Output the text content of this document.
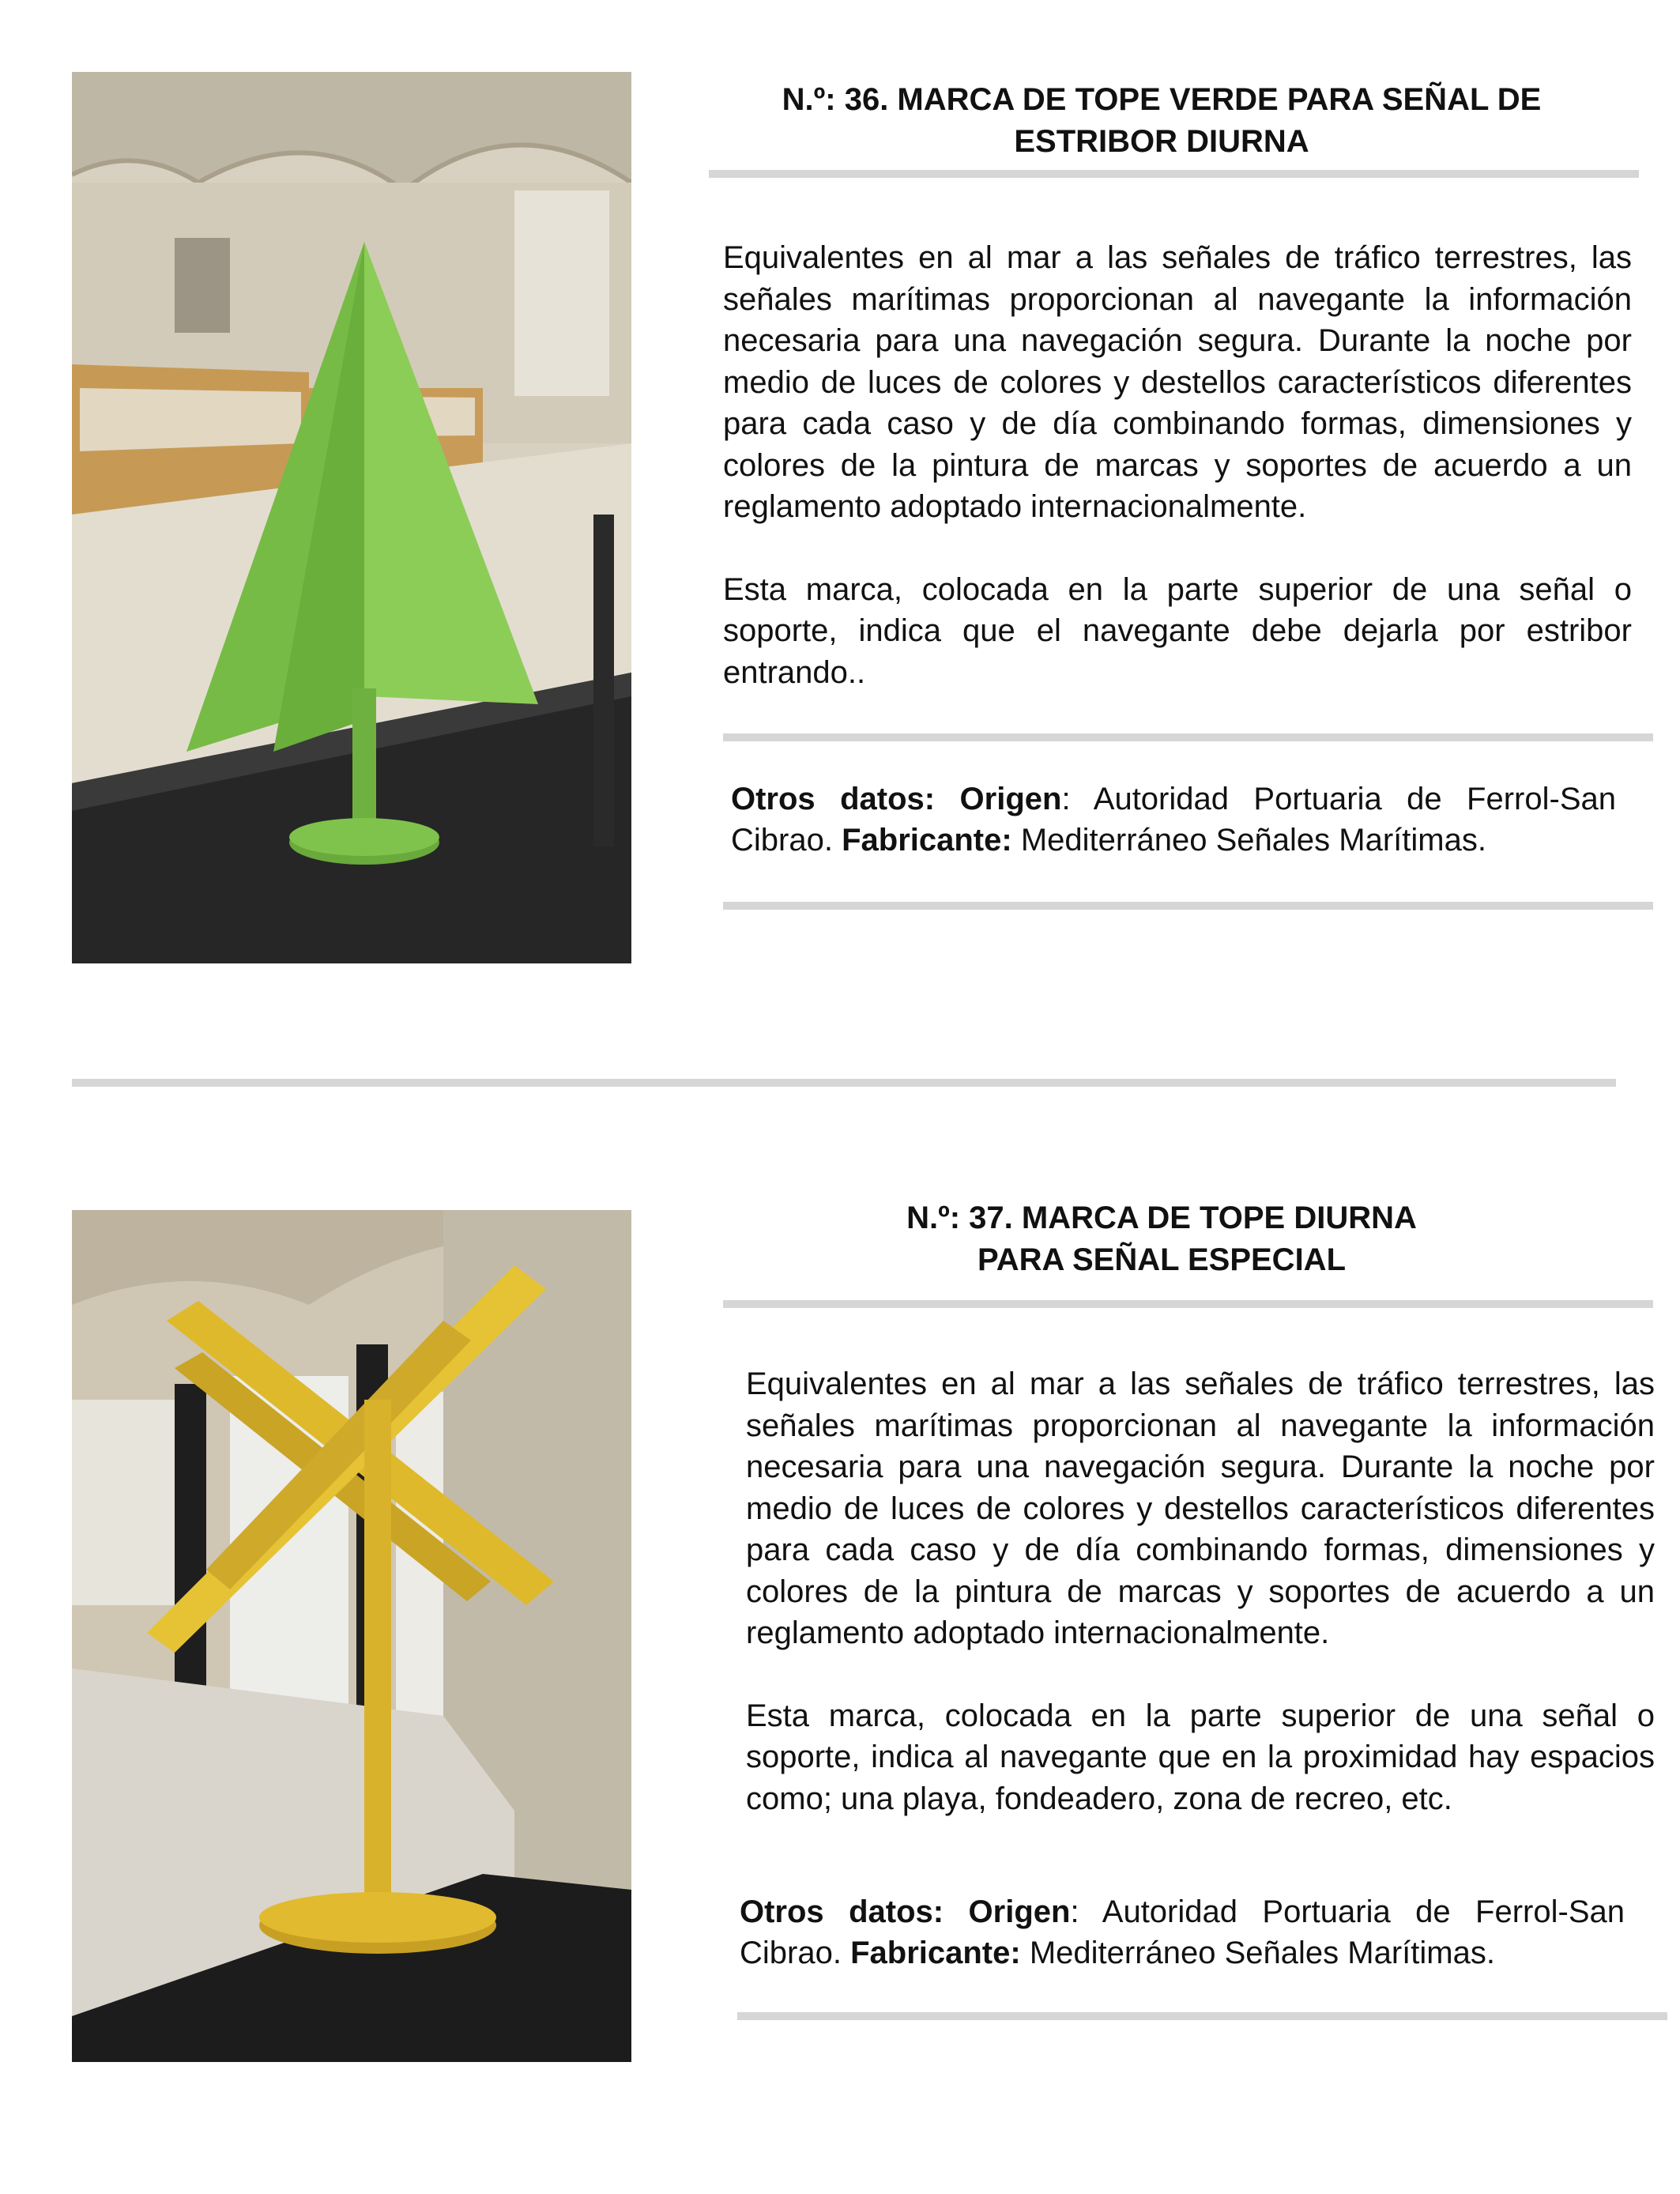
N.º: 36. MARCA DE TOPE VERDE PARA SEÑAL DE
ESTRIBOR DIURNA

Equivalentes en al mar a las señales de tráfico terrestres, las señales marítimas proporcionan al navegante la información necesaria para una navegación segura. Durante la noche por medio de luces de colores y destellos característicos diferentes para cada caso y de día combinando formas, dimensiones y colores de la pintura de marcas y soportes de acuerdo a un reglamento adoptado internacionalmente.

Esta marca, colocada en la parte superior de una señal o soporte, indica que el navegante debe dejarla por estribor entrando..

Otros datos: Origen: Autoridad Portuaria de Ferrol-San Cibrao. Fabricante: Mediterráneo Señales Marítimas.

N.º: 37. MARCA DE TOPE DIURNA
PARA SEÑAL ESPECIAL

Equivalentes en al mar a las señales de tráfico terrestres, las señales marítimas proporcionan al navegante la información necesaria para una navegación segura. Durante la noche por medio de luces de colores y destellos característicos diferentes para cada caso y de día combinando formas, dimensiones y colores de la pintura de marcas y soportes de acuerdo a un reglamento adoptado internacionalmente.

Esta marca, colocada en la parte superior de una señal o soporte, indica al navegante que en la proximidad hay espacios como; una playa, fondeadero, zona de recreo, etc.

Otros datos: Origen: Autoridad Portuaria de Ferrol-San Cibrao. Fabricante: Mediterráneo Señales Marítimas.
